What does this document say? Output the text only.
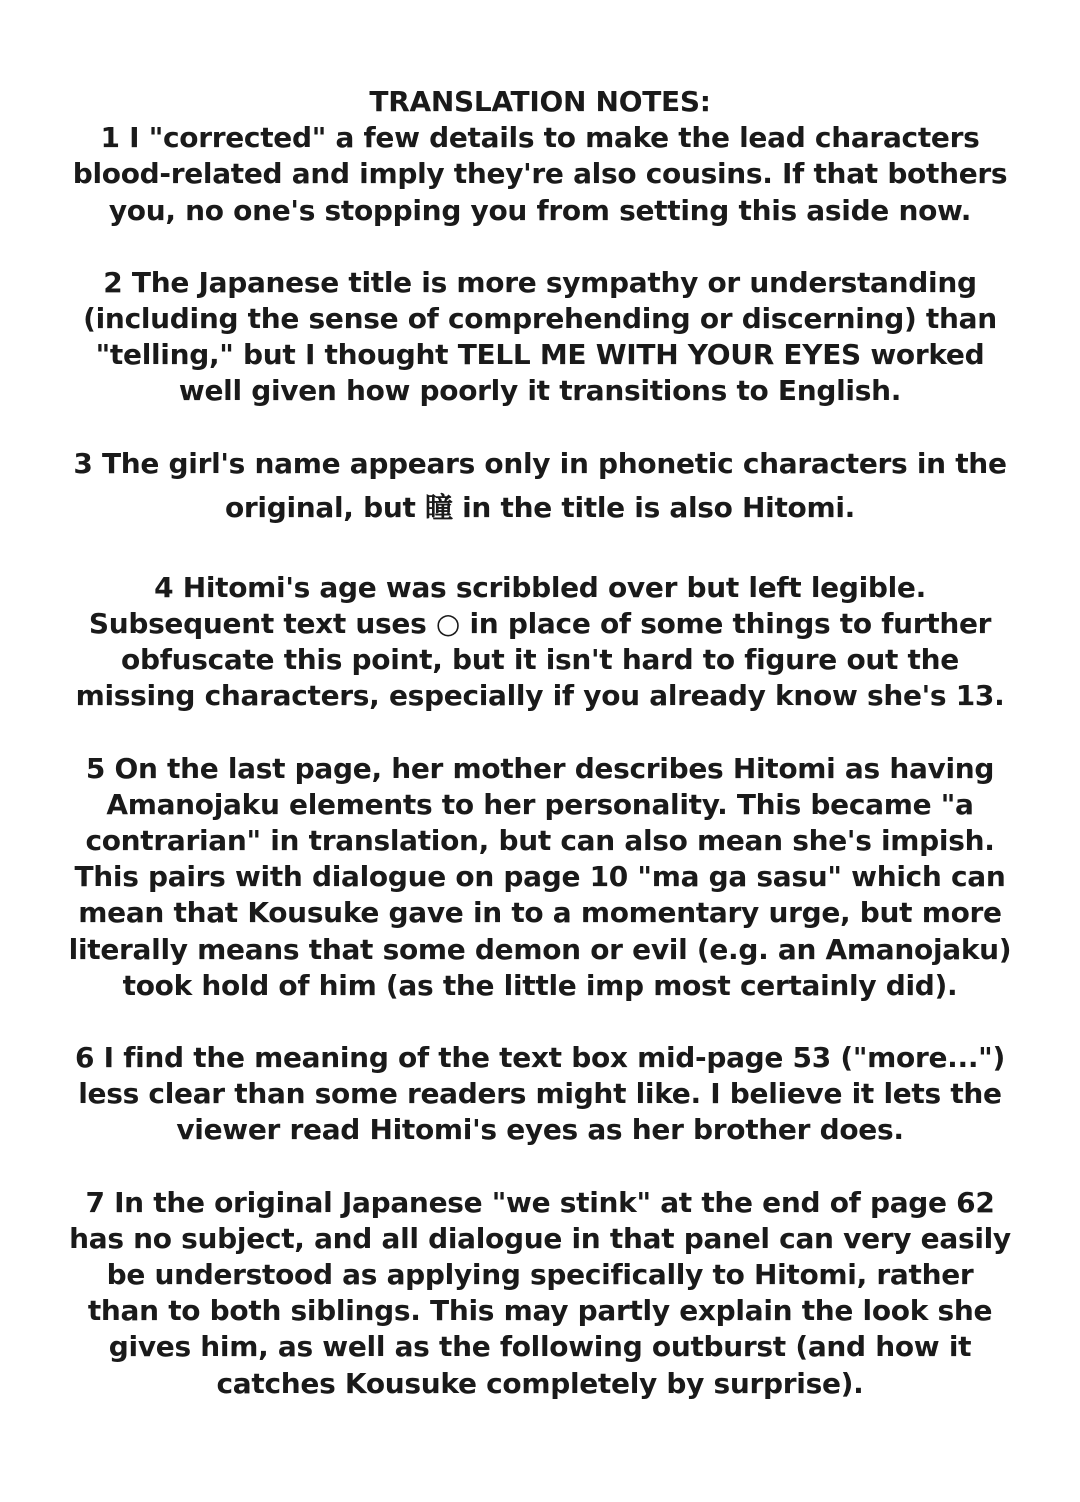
TRANSLATION NOTES:
1 I "corrected" a few details to make the lead characters
blood-related and imply they're also cousins. If that bothers
you, no one's stopping you from setting this aside now.
2 The Japanese title is more sympathy or understanding
(including the sense of comprehending or discerning) than
"telling," but I thought TELL ME WITH YOUR EYES worked
well given how poorly it transitions to English.
3 The girl's name appears only in phonetic characters in the
original, but 瞳 in the title is also Hitomi.
4 Hitomi's age was scribbled over but left legible.
Subsequent text uses ○ in place of some things to further
obfuscate this point, but it isn't hard to figure out the
missing characters, especially if you already know she's 13.
5 On the last page, her mother describes Hitomi as having
Amanojaku elements to her personality. This became "a
contrarian" in translation, but can also mean she's impish.
This pairs with dialogue on page 10 "ma ga sasu" which can
mean that Kousuke gave in to a momentary urge, but more
literally means that some demon or evil (e.g. an Amanojaku)
took hold of him (as the little imp most certainly did).
6 I find the meaning of the text box mid-page 53 ("more...")
less clear than some readers might like. I believe it lets the
viewer read Hitomi's eyes as her brother does.
7 In the original Japanese "we stink" at the end of page 62
has no subject, and all dialogue in that panel can very easily
be understood as applying specifically to Hitomi, rather
than to both siblings. This may partly explain the look she
gives him, as well as the following outburst (and how it
catches Kousuke completely by surprise).
